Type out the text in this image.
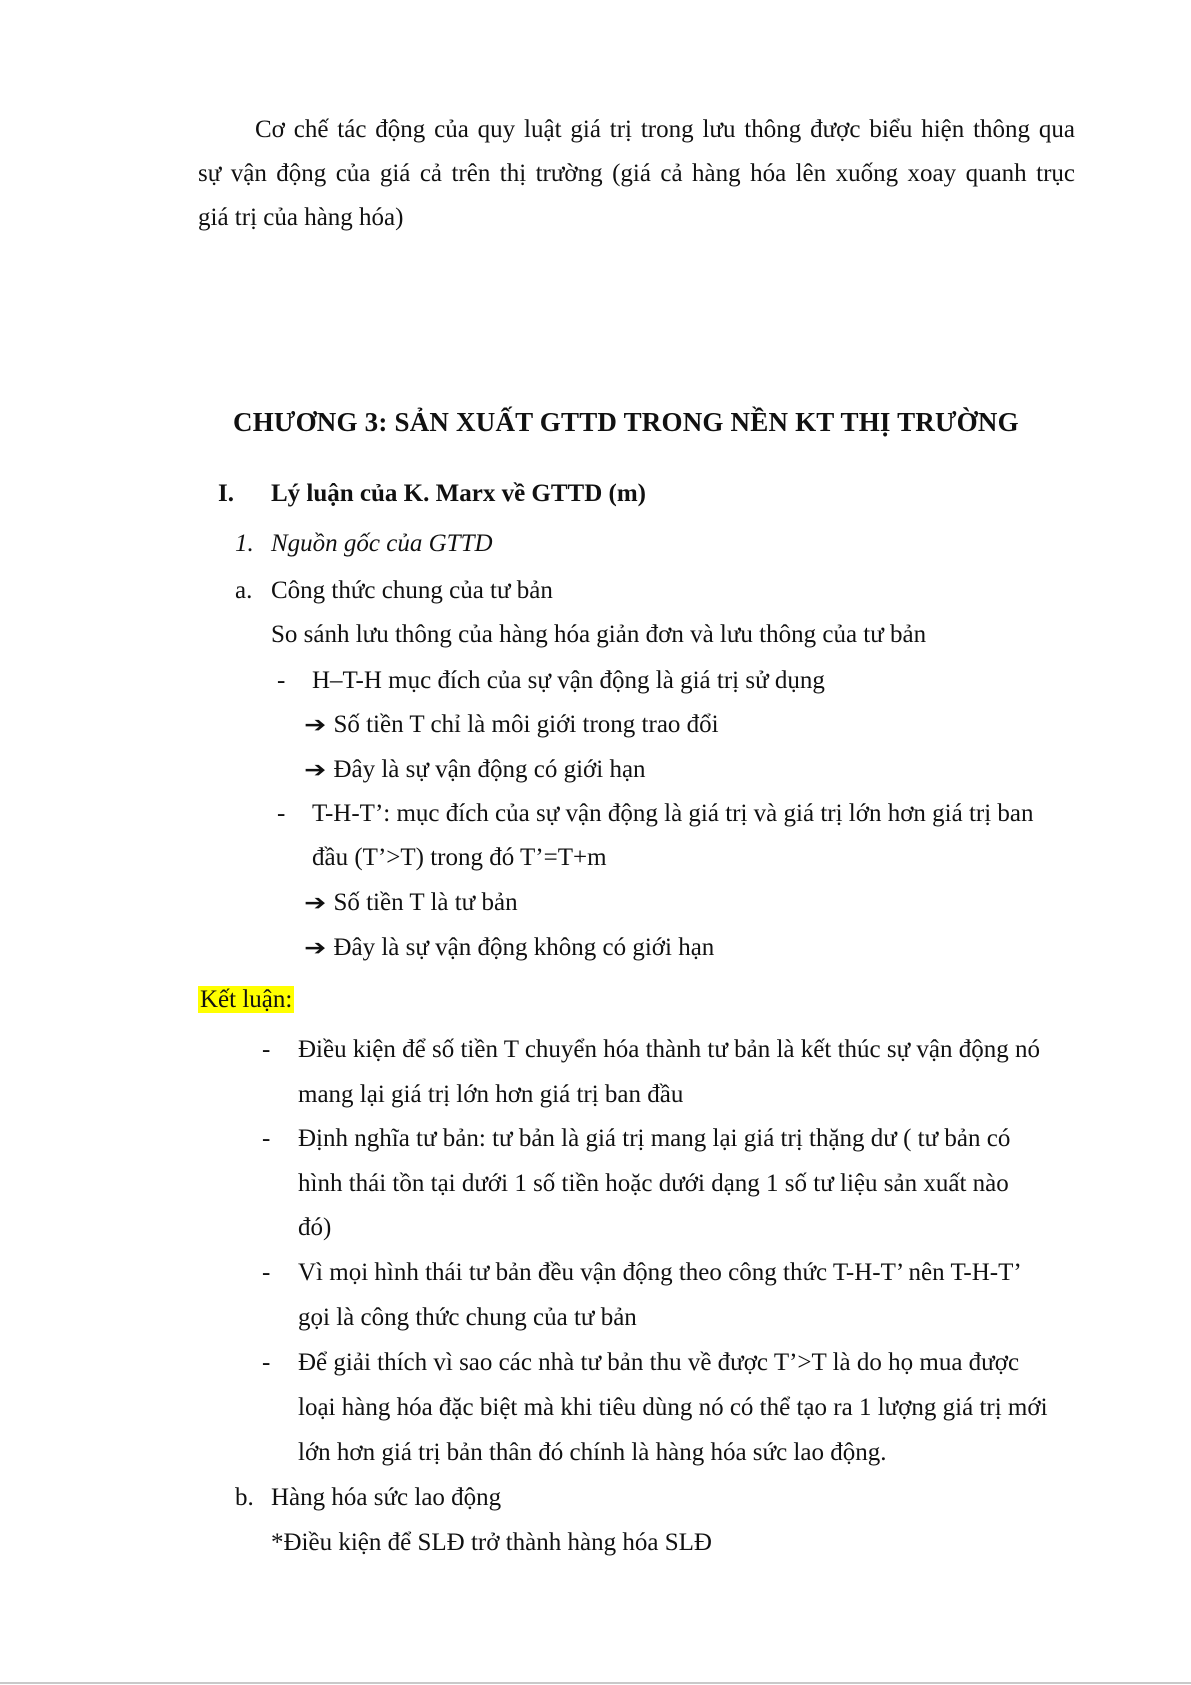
Cơ chế tác động của quy luật giá trị trong lưu thông được biểu hiện thông qua
sự vận động của giá cả trên thị trường (giá cả hàng hóa lên xuống xoay quanh trục
giá trị của hàng hóa)
CHƯƠNG 3: SẢN XUẤT GTTD TRONG NỀN KT THỊ TRƯỜNG
I. Lý luận của K. Marx về GTTD (m)
1. Nguồn gốc của GTTD
a. Công thức chung của tư bản
So sánh lưu thông của hàng hóa giản đơn và lưu thông của tư bản
- H–T-H mục đích của sự vận động là giá trị sử dụng
➔ Số tiền T chỉ là môi giới trong trao đổi
➔ Đây là sự vận động có giới hạn
- T-H-T’: mục đích của sự vận động là giá trị và giá trị lớn hơn giá trị ban
đầu (T’>T) trong đó T’=T+m
➔ Số tiền T là tư bản
➔ Đây là sự vận động không có giới hạn
Kết luận:
- Điều kiện để số tiền T chuyển hóa thành tư bản là kết thúc sự vận động nó
mang lại giá trị lớn hơn giá trị ban đầu
- Định nghĩa tư bản: tư bản là giá trị mang lại giá trị thặng dư ( tư bản có
hình thái tồn tại dưới 1 số tiền hoặc dưới dạng 1 số tư liệu sản xuất nào
đó)
- Vì mọi hình thái tư bản đều vận động theo công thức T-H-T’ nên T-H-T’
gọi là công thức chung của tư bản
- Để giải thích vì sao các nhà tư bản thu về được T’>T là do họ mua được
loại hàng hóa đặc biệt mà khi tiêu dùng nó có thể tạo ra 1 lượng giá trị mới
lớn hơn giá trị bản thân đó chính là hàng hóa sức lao động.
b. Hàng hóa sức lao động
*Điều kiện để SLĐ trở thành hàng hóa SLĐ
